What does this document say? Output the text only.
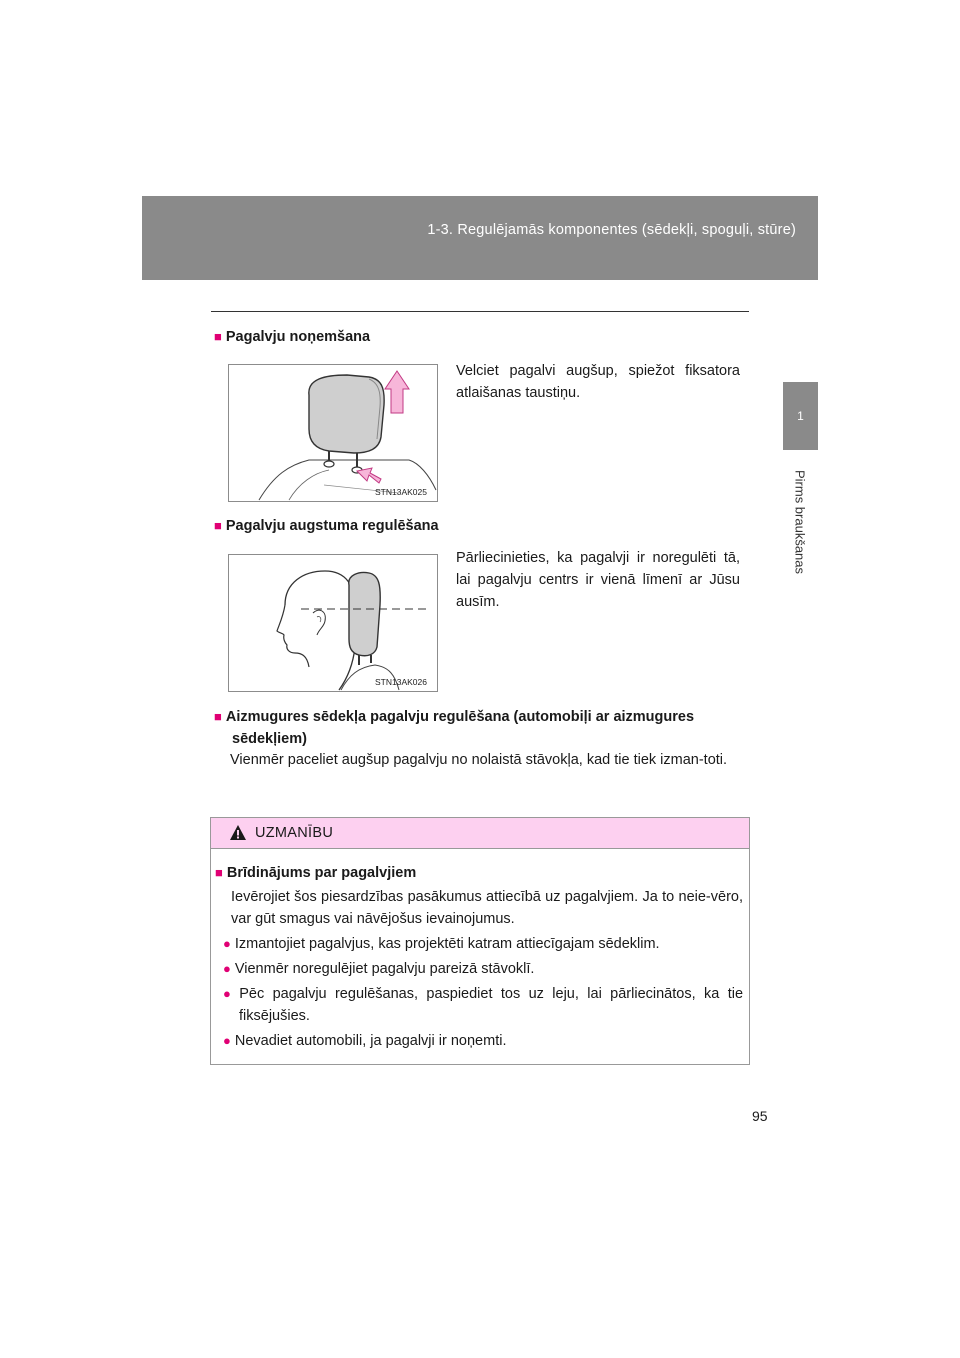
1-3. Regulējamās komponentes (sēdekļi, spoguļi, stūre)
1
Pirms braukšanas
■ Pagalvju noņemšana
STN13AK025
Velciet pagalvi augšup, spiežot fiksatora atlaišanas taustiņu.
■ Pagalvju augstuma regulēšana
STN13AK026
Pārliecinieties, ka pagalvji ir noregulēti tā, lai pagalvju centrs ir vienā līmenī ar Jūsu ausīm.
■ Aizmugures sēdekļa pagalvju regulēšana (automobiļi ar aizmugures sēdekļiem)
Vienmēr paceliet augšup pagalvju no nolaistā stāvokļa, kad tie tiek izman-toti.
UZMANĪBU
■ Brīdinājums par pagalvjiem
Ievērojiet šos piesardzības pasākumus attiecībā uz pagalvjiem. Ja to neie-vēro, var gūt smagus vai nāvējošus ievainojumus.
● Izmantojiet pagalvjus, kas projektēti katram attiecīgajam sēdeklim.
● Vienmēr noregulējiet pagalvju pareizā stāvoklī.
● Pēc pagalvju regulēšanas, paspiediet tos uz leju, lai pārliecinātos, ka tie fiksējušies.
● Nevadiet automobili, ja pagalvji ir noņemti.
95
